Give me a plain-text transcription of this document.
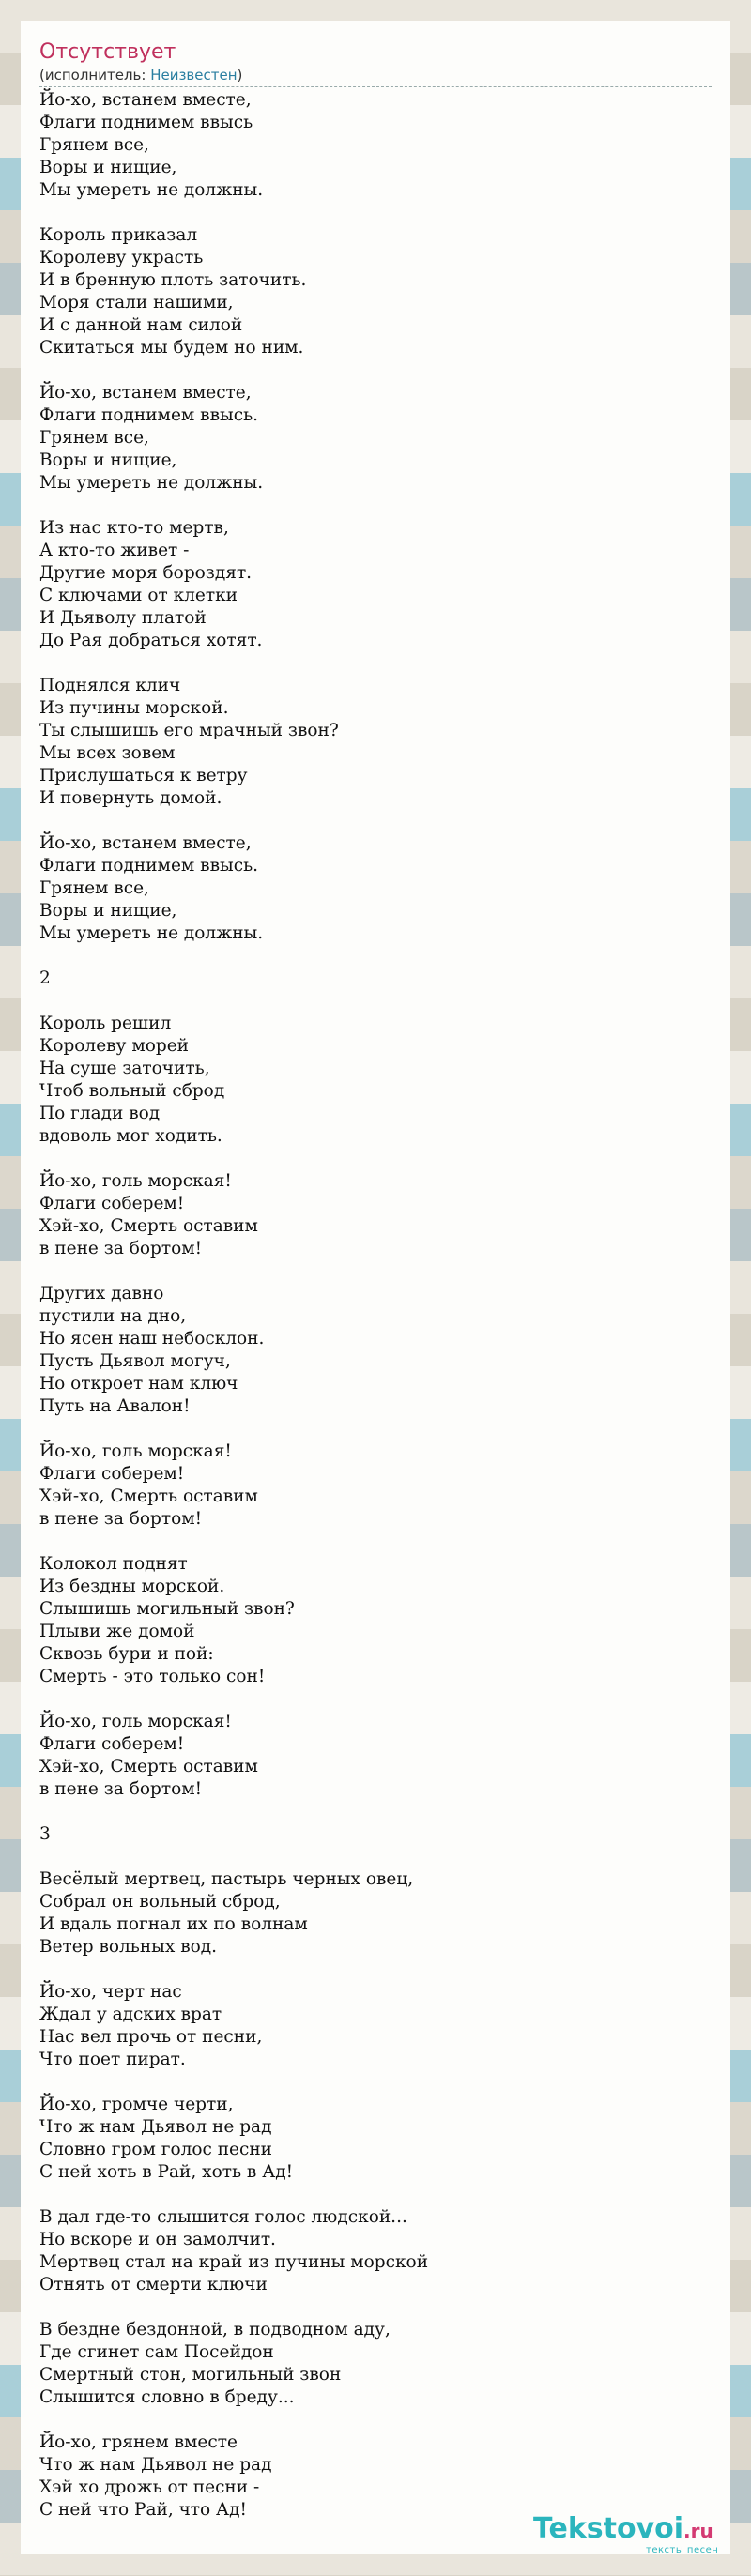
Отсутствует
(исполнитель: Неизвестен)

Йо-хо, встанем вместе,
Флаги поднимем ввысь
Грянем все,
Воры и нищие,
Мы умереть не должны.

Король приказал
Королеву украсть
И в бренную плоть заточить.
Моря стали нашими,
И с данной нам силой
Скитаться мы будем но ним.

Йо-хо, встанем вместе,
Флаги поднимем ввысь.
Грянем все,
Воры и нищие,
Мы умереть не должны.

Из нас кто-то мертв,
А кто-то живет -
Другие моря бороздят.
С ключами от клетки
И Дьяволу платой
До Рая добраться хотят.

Поднялся клич
Из пучины морской.
Ты слышишь его мрачный звон?
Мы всех зовем
Прислушаться к ветру
И повернуть домой.

Йо-хо, встанем вместе,
Флаги поднимем ввысь.
Грянем все,
Воры и нищие,
Мы умереть не должны.

2

Король решил
Королеву морей
На суше заточить,
Чтоб вольный сброд
По глади вод
вдоволь мог ходить.

Йо-хо, голь морская!
Флаги соберем!
Хэй-хо, Смерть оставим
в пене за бортом!

Других давно
пустили на дно,
Но ясен наш небосклон.
Пусть Дьявол могуч,
Но откроет нам ключ
Путь на Авалон!

Йо-хо, голь морская!
Флаги соберем!
Хэй-хо, Смерть оставим
в пене за бортом!

Колокол поднят
Из бездны морской.
Слышишь могильный звон?
Плыви же домой
Сквозь бури и пой:
Смерть - это только сон!

Йо-хо, голь морская!
Флаги соберем!
Хэй-хо, Смерть оставим
в пене за бортом!

3

Весёлый мертвец, пастырь черных овец,
Собрал он вольный сброд,
И вдаль погнал их по волнам
Ветер вольных вод.

Йо-хо, черт нас
Ждал у адских врат
Нас вел прочь от песни,
Что поет пират.

Йо-хо, громче черти,
Что ж нам Дьявол не рад
Словно гром голос песни
С ней хоть в Рай, хоть в Ад!

В дал где-то слышится голос людской...
Но вскоре и он замолчит.
Мертвец стал на край из пучины морской
Отнять от смерти ключи

В бездне бездонной, в подводном аду,
Где сгинет сам Посейдон
Смертный стон, могильный звон
Слышится словно в бреду...

Йо-хо, грянем вместе
Что ж нам Дьявол не рад
Хэй хо дрожь от песни -
С ней что Рай, что Ад!

Tekstovoi.ru
тексты песен
